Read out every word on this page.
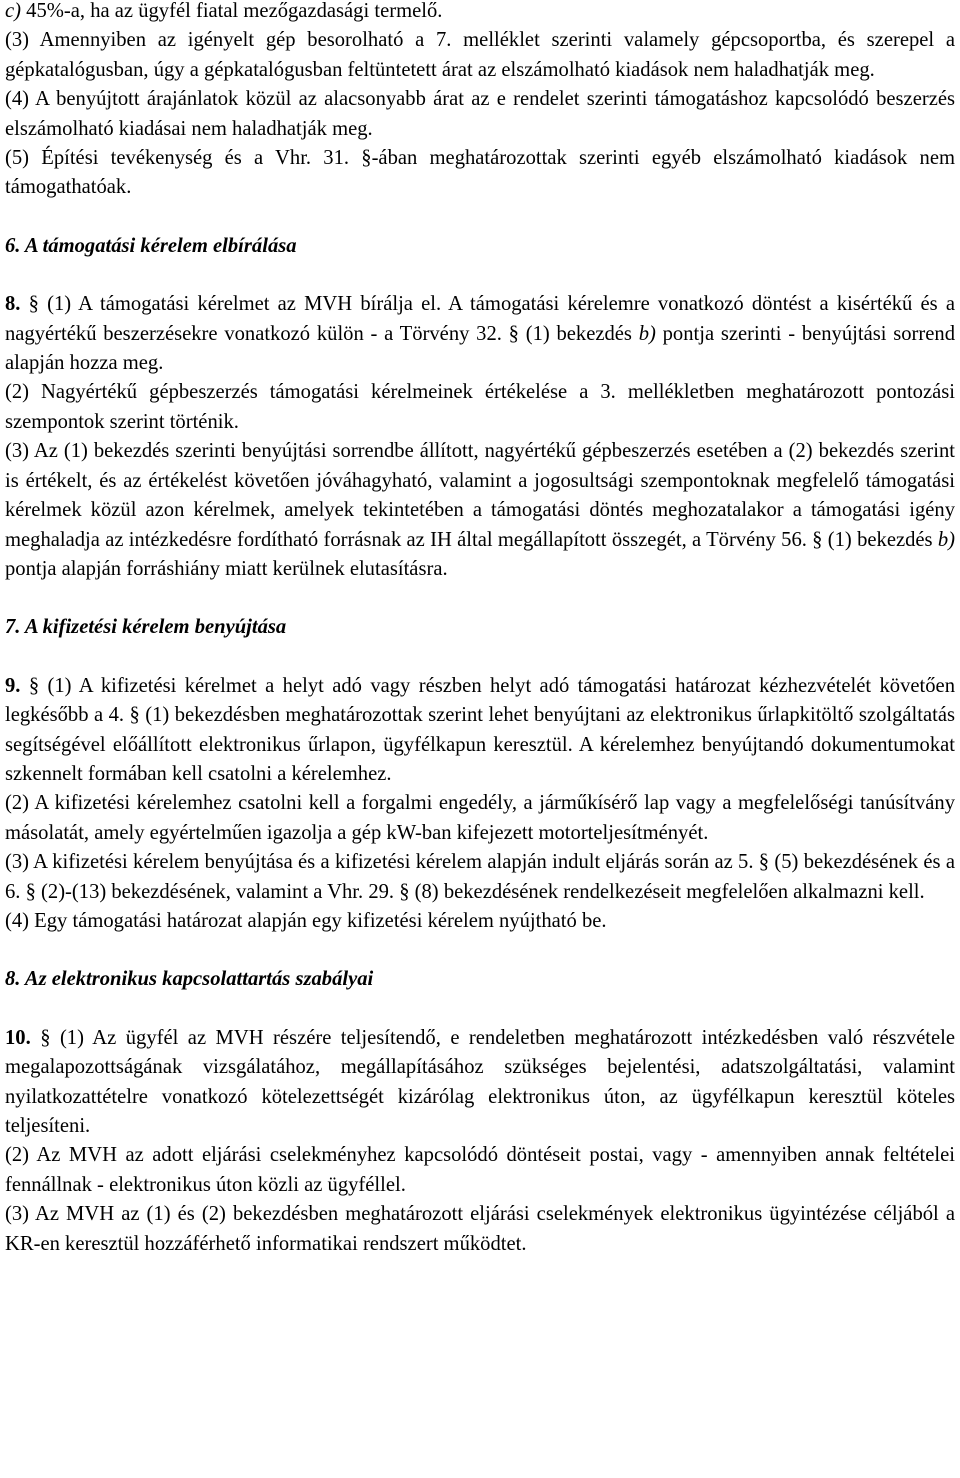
c) 45%-a, ha az ügyfél fiatal mezőgazdasági termelő.

(3) Amennyiben az igényelt gép besorolható a 7. melléklet szerinti valamely gépcsoportba, és szerepel a gépkatalógusban, úgy a gépkatalógusban feltüntetett árat az elszámolható kiadások nem haladhatják meg.

(4) A benyújtott árajánlatok közül az alacsonyabb árat az e rendelet szerinti támogatáshoz kapcsolódó beszerzés elszámolható kiadásai nem haladhatják meg.

(5) Építési tevékenység és a Vhr. 31. §-ában meghatározottak szerinti egyéb elszámolható kiadások nem támogathatóak.

6. A támogatási kérelem elbírálása

8. § (1) A támogatási kérelmet az MVH bírálja el. A támogatási kérelemre vonatkozó döntést a kisértékű és a nagyértékű beszerzésekre vonatkozó külön - a Törvény 32. § (1) bekezdés b) pontja szerinti - benyújtási sorrend alapján hozza meg.

(2) Nagyértékű gépbeszerzés támogatási kérelmeinek értékelése a 3. mellékletben meghatározott pontozási szempontok szerint történik.

(3) Az (1) bekezdés szerinti benyújtási sorrendbe állított, nagyértékű gépbeszerzés esetében a (2) bekezdés szerint is értékelt, és az értékelést követően jóváhagyható, valamint a jogosultsági szempontoknak megfelelő támogatási kérelmek közül azon kérelmek, amelyek tekintetében a támogatási döntés meghozatalakor a támogatási igény meghaladja az intézkedésre fordítható forrásnak az IH által megállapított összegét, a Törvény 56. § (1) bekezdés b) pontja alapján forráshiány miatt kerülnek elutasításra.

7. A kifizetési kérelem benyújtása

9. § (1) A kifizetési kérelmet a helyt adó vagy részben helyt adó támogatási határozat kézhezvételét követően legkésőbb a 4. § (1) bekezdésben meghatározottak szerint lehet benyújtani az elektronikus űrlapkitöltő szolgáltatás segítségével előállított elektronikus űrlapon, ügyfélkapun keresztül. A kérelemhez benyújtandó dokumentumokat szkennelt formában kell csatolni a kérelemhez.

(2) A kifizetési kérelemhez csatolni kell a forgalmi engedély, a járműkísérő lap vagy a megfelelőségi tanúsítvány másolatát, amely egyértelműen igazolja a gép kW-ban kifejezett motorteljesítményét.

(3) A kifizetési kérelem benyújtása és a kifizetési kérelem alapján indult eljárás során az 5. § (5) bekezdésének és a 6. § (2)-(13) bekezdésének, valamint a Vhr. 29. § (8) bekezdésének rendelkezéseit megfelelően alkalmazni kell.

(4) Egy támogatási határozat alapján egy kifizetési kérelem nyújtható be.

8. Az elektronikus kapcsolattartás szabályai

10. § (1) Az ügyfél az MVH részére teljesítendő, e rendeletben meghatározott intézkedésben való részvétele megalapozottságának vizsgálatához, megállapításához szükséges bejelentési, adatszolgáltatási, valamint nyilatkozattételre vonatkozó kötelezettségét kizárólag elektronikus úton, az ügyfélkapun keresztül köteles teljesíteni.

(2) Az MVH az adott eljárási cselekményhez kapcsolódó döntéseit postai, vagy - amennyiben annak feltételei fennállnak - elektronikus úton közli az ügyféllel.

(3) Az MVH az (1) és (2) bekezdésben meghatározott eljárási cselekmények elektronikus ügyintézése céljából a KR-en keresztül hozzáférhető informatikai rendszert működtet.
